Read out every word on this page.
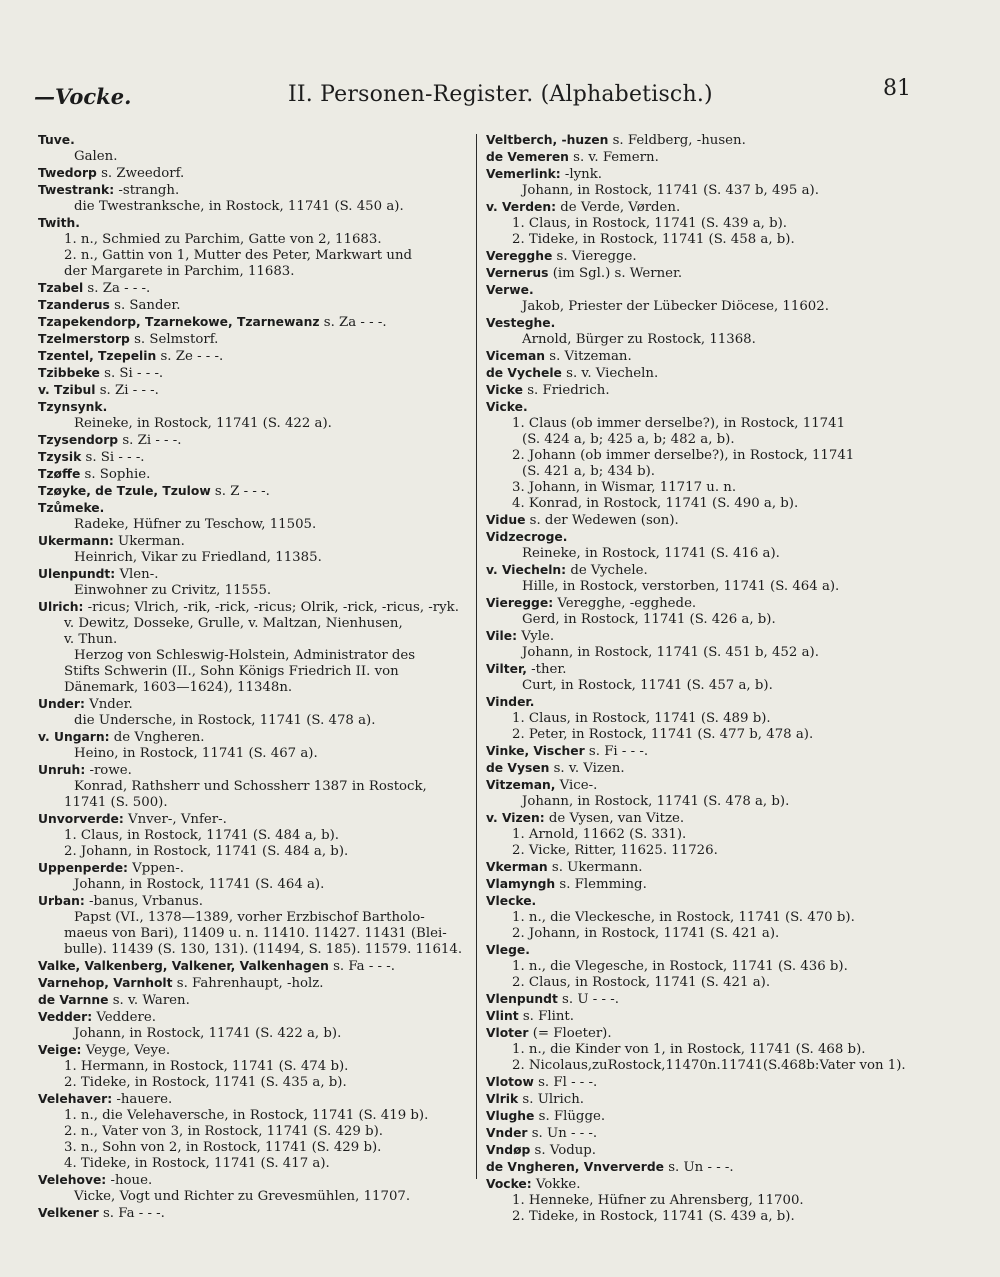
—Vocke.	II. Personen-Register. (Alphabetisch.)	81
Tuve.
Galen.
Twedorp s. Zweedorf.
Twestrank: -strangh.
die Twestranksche, in Rostock, 11741 (S. 450 a).
Twith.
1. n., Schmied zu Parchim, Gatte von 2, 11683.
2. n., Gattin von 1, Mutter des Peter, Markwart und
der Margarete in Parchim, 11683.
Tzabel s. Za - - -.
Tzanderus s. Sander.
Tzapekendorp, Tzarnekowe, Tzarnewanz s. Za - - -.
Tzelmerstorp s. Selmstorf.
Tzentel, Tzepelin s. Ze - - -.
Tzibbeke s. Si - - -.
v. Tzibul s. Zi - - -.
Tzynsynk.
Reineke, in Rostock, 11741 (S. 422 a).
Tzysendorp s. Zi - - -.
Tzysik s. Si - - -.
Tzøffe s. Sophie.
Tzøyke, de Tzule, Tzulow s. Z - - -.
Tzůmeke.
Radeke, Hüfner zu Teschow, 11505.
Ukermann: Ukerman.
Heinrich, Vikar zu Friedland, 11385.
Ulenpundt: Vlen-.
Einwohner zu Crivitz, 11555.
Ulrich: -ricus; Vlrich, -rik, -rick, -ricus; Olrik, -rick, -ricus, -ryk.
v. Dewitz, Dosseke, Grulle, v. Maltzan, Nienhusen,
v. Thun.
Herzog von Schleswig-Holstein, Administrator des
Stifts Schwerin (II., Sohn Königs Friedrich II. von
Dänemark, 1603—1624), 11348n.
Under: Vnder.
die Undersche, in Rostock, 11741 (S. 478 a).
v. Ungarn: de Vngheren.
Heino, in Rostock, 11741 (S. 467 a).
Unruh: -rowe.
Konrad, Rathsherr und Schossherr 1387 in Rostock,
11741 (S. 500).
Unvorverde: Vnver-, Vnfer-.
1. Claus, in Rostock, 11741 (S. 484 a, b).
2. Johann, in Rostock, 11741 (S. 484 a, b).
Uppenperde: Vppen-.
Johann, in Rostock, 11741 (S. 464 a).
Urban: -banus, Vrbanus.
Papst (VI., 1378—1389, vorher Erzbischof Bartholo-
maeus von Bari), 11409 u. n. 11410. 11427. 11431 (Blei-
bulle). 11439 (S. 130, 131). (11494, S. 185). 11579. 11614.
Valke, Valkenberg, Valkener, Valkenhagen s. Fa - - -.
Varnehop, Varnholt s. Fahrenhaupt, -holz.
de Varnne s. v. Waren.
Vedder: Veddere.
Johann, in Rostock, 11741 (S. 422 a, b).
Veige: Veyge, Veye.
1. Hermann, in Rostock, 11741 (S. 474 b).
2. Tideke, in Rostock, 11741 (S. 435 a, b).
Velehaver: -hauere.
1. n., die Velehaversche, in Rostock, 11741 (S. 419 b).
2. n., Vater von 3, in Rostock, 11741 (S. 429 b).
3. n., Sohn von 2, in Rostock, 11741 (S. 429 b).
4. Tideke, in Rostock, 11741 (S. 417 a).
Velehove: -houe.
Vicke, Vogt und Richter zu Grevesmühlen, 11707.
Velkener s. Fa - - -.
Veltberch, -huzen s. Feldberg, -husen.
de Vemeren s. v. Femern.
Vemerlink: -lynk.
Johann, in Rostock, 11741 (S. 437 b, 495 a).
v. Verden: de Verde, Vørden.
1. Claus, in Rostock, 11741 (S. 439 a, b).
2. Tideke, in Rostock, 11741 (S. 458 a, b).
Veregghe s. Vieregge.
Vernerus (im Sgl.) s. Werner.
Verwe.
Jakob, Priester der Lübecker Diöcese, 11602.
Vesteghe.
Arnold, Bürger zu Rostock, 11368.
Viceman s. Vitzeman.
de Vychele s. v. Viecheln.
Vicke s. Friedrich.
Vicke.
1. Claus (ob immer derselbe?), in Rostock, 11741
(S. 424 a, b; 425 a, b; 482 a, b).
2. Johann (ob immer derselbe?), in Rostock, 11741
(S. 421 a, b; 434 b).
3. Johann, in Wismar, 11717 u. n.
4. Konrad, in Rostock, 11741 (S. 490 a, b).
Vidue s. der Wedewen (son).
Vidzecroge.
Reineke, in Rostock, 11741 (S. 416 a).
v. Viecheln: de Vychele.
Hille, in Rostock, verstorben, 11741 (S. 464 a).
Vieregge: Veregghe, -egghede.
Gerd, in Rostock, 11741 (S. 426 a, b).
Vile: Vyle.
Johann, in Rostock, 11741 (S. 451 b, 452 a).
Vilter, -ther.
Curt, in Rostock, 11741 (S. 457 a, b).
Vinder.
1. Claus, in Rostock, 11741 (S. 489 b).
2. Peter, in Rostock, 11741 (S. 477 b, 478 a).
Vinke, Vischer s. Fi - - -.
de Vysen s. v. Vizen.
Vitzeman, Vice-.
Johann, in Rostock, 11741 (S. 478 a, b).
v. Vizen: de Vysen, van Vitze.
1. Arnold, 11662 (S. 331).
2. Vicke, Ritter, 11625. 11726.
Vkerman s. Ukermann.
Vlamyngh s. Flemming.
Vlecke.
1. n., die Vleckesche, in Rostock, 11741 (S. 470 b).
2. Johann, in Rostock, 11741 (S. 421 a).
Vlege.
1. n., die Vlegesche, in Rostock, 11741 (S. 436 b).
2. Claus, in Rostock, 11741 (S. 421 a).
Vlenpundt s. U - - -.
Vlint s. Flint.
Vloter (= Floeter).
1. n., die Kinder von 1, in Rostock, 11741 (S. 468 b).
2. Nicolaus,zuRostock,11470n.11741(S.468b:Vater von 1).
Vlotow s. Fl - - -.
Vlrik s. Ulrich.
Vlughe s. Flügge.
Vnder s. Un - - -.
Vndøp s. Vodup.
de Vngheren, Vnververde s. Un - - -.
Vocke: Vokke.
1. Henneke, Hüfner zu Ahrensberg, 11700.
2. Tideke, in Rostock, 11741 (S. 439 a, b).
